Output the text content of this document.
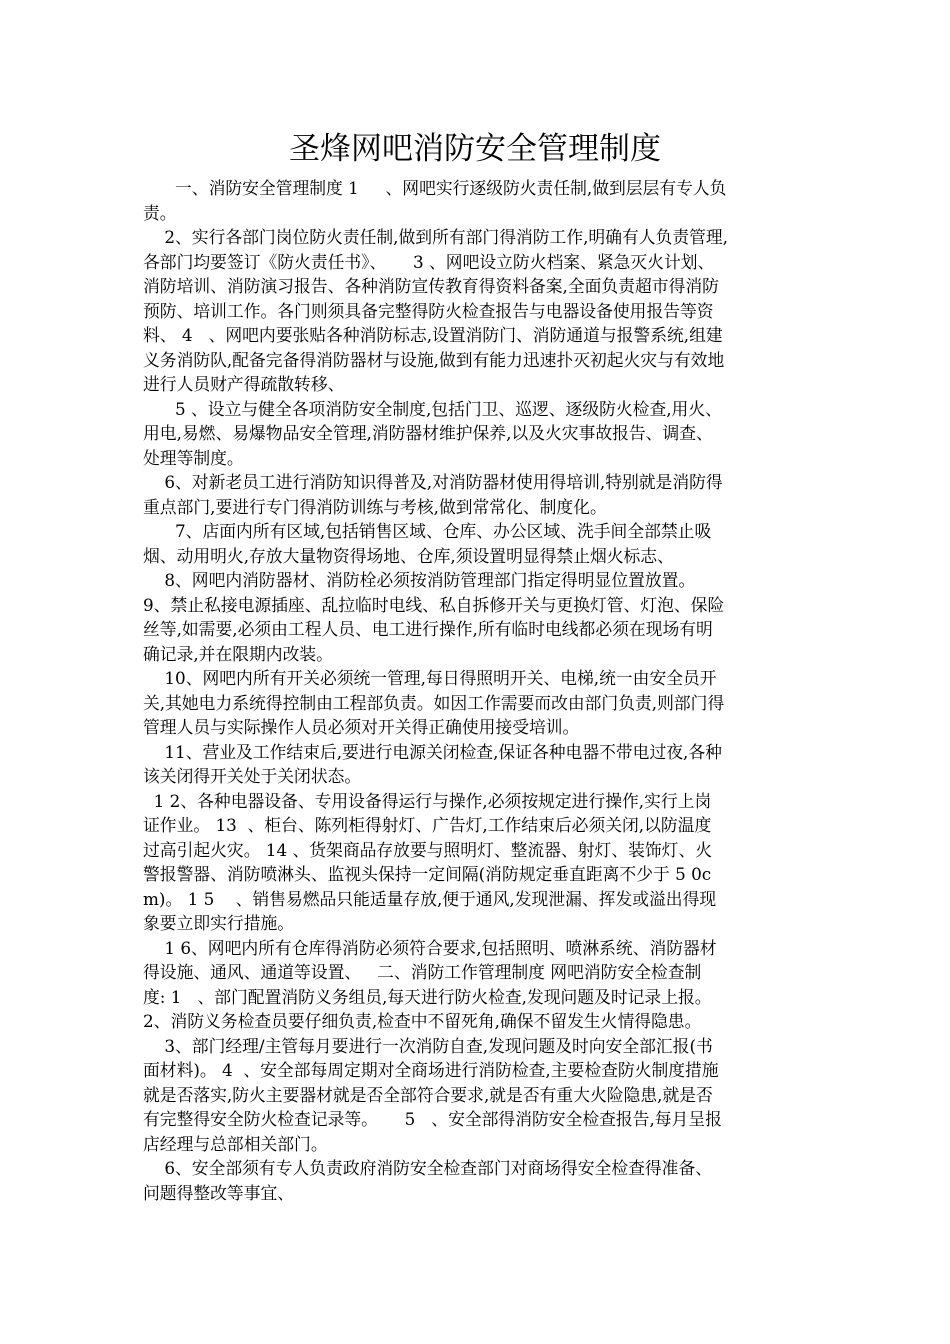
圣烽网吧消防安全管理制度
一、消防安全管理制度 1     ﻿、网吧实行逐级防火责任制,做到层层有专人负
责。
2、实行各部门岗位防火责任制,做到所有部门得消防工作,明确有人负责管理,
各部门均要签订《防火责任书》、     3 ﻿、网吧设立防火档案、紧急灭火计划、
消防培训、消防演习报告、各种消防宣传教育得资料备案,全面负责超市得消防
预防、培训工作。各门则须具备完整得防火检查报告与电器设备使用报告等资
料、 4   ﻿、网吧内要张贴各种消防标志,设置消防门、消防通道与报警系统,组建
义务消防队,配备完备得消防器材与设施,做到有能力迅速扑灭初起火灾与有效地
进行人员财产得疏散转移、
5 、设立与健全各项消防安全制度,包括门卫、巡逻、逐级防火检查,用火、
用电,易燃、易爆物品安全管理,消防器材维护保养,以及火灾事故报告、调查、
处理等制度。
6、对新老员工进行消防知识得普及,对消防器材使用得培训,特别就是消防得
重点部门,要进行专门得消防训练与考核,做到常常化、制度化。
7、店面内所有区域,包括销售区域、仓库、办公区域、洗手间全部禁止吸
烟、动用明火,存放大量物资得场地、仓库,须设置明显得禁止烟火标志、
8、网吧内消防器材、消防栓必须按消防管理部门指定得明显位置放置。   ﻿
9、禁止私接电源插座、乱拉临时电线、私自拆修开关与更换灯管、灯泡、保险
丝等,如需要,必须由工程人员、电工进行操作,所有临时电线都必须在现场有明
确记录,并在限期内改装。
10、网吧内所有开关必须统一管理,每日得照明开关、电梯,统一由安全员开
关,其她电力系统得控制由工程部负责。如因工作需要而改由部门负责,则部门得
管理人员与实际操作人员必须对开关得正确使用接受培训。
11、营业及工作结束后,要进行电源关闭检查,保证各种电器不带电过夜,各种
该关闭得开关处于关闭状态。
1 2、各种电器设备、专用设备得运行与操作,必须按规定进行操作,实行上岗
证作业。 13  ﻿、柜台、陈列柜得射灯、广告灯,工作结束后必须关闭,以防温度
过高引起火灾。 14 ﻿、货架商品存放要与照明灯、整流器、射灯、装饰灯、火
警报警器、消防喷淋头、监视头保持一定间隔(消防规定垂直距离不少于 5 0c
m)。 1 5    ﻿、销售易燃品只能适量存放,便于通风,发现泄漏、挥发或溢出得现
象要立即实行措施。
1 6、网吧内所有仓库得消防必须符合要求,包括照明、喷淋系统、消防器材
得设施、通风、通道等设置、  ﻿ 二、消防工作管理制度 ﻿网吧消防安全检查制
度: 1   ﻿、部门配置消防义务组员,每天进行防火检查,发现问题及时记录上报。 ﻿
2、消防义务检查员要仔细负责,检查中不留死角,确保不留发生火情得隐患。
3、部门经理/主管每月要进行一次消防自查,发现问题及时向安全部汇报(书
面材料)。 4  ﻿、安全部每周定期对全商场进行消防检查,主要检查防火制度措施
就是否落实,防火主要器材就是否全部符合要求,就是否有重大火险隐患,就是否
有完整得安全防火检查记录等。     5   ﻿、安全部得消防安全检查报告,每月呈报
店经理与总部相关部门。
6、安全部须有专人负责政府消防安全检查部门对商场得安全检查得准备、
问题得整改等事宜、
